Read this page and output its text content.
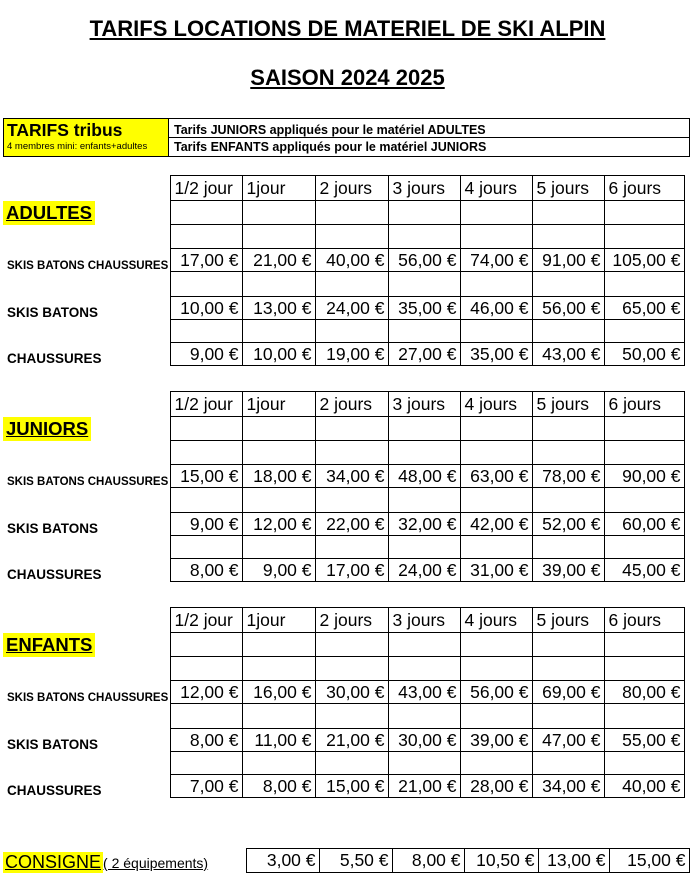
TARIFS LOCATIONS DE MATERIEL DE SKI ALPIN
SAISON 2024 2025
TARIFS tribus
4 membres mini: enfants+adultes
	Tarifs JUNIORS appliqués pour le matériel ADULTES
Tarifs ENFANTS appliqués pour le matériel JUNIORS
	1/2 jour	1jour	2 jours	3 jours	4 jours	5 jours	6 jours
ADULTES							

SKIS BATONS CHAUSSURES	17,00 €	21,00 €	40,00 €	56,00 €	74,00 €	91,00 €	105,00 €

SKIS BATONS	10,00 €	13,00 €	24,00 €	35,00 €	46,00 €	56,00 €	65,00 €

CHAUSSURES	9,00 €	10,00 €	19,00 €	27,00 €	35,00 €	43,00 €	50,00 €
	1/2 jour	1jour	2 jours	3 jours	4 jours	5 jours	6 jours
JUNIORS							

SKIS BATONS CHAUSSURES	15,00 €	18,00 €	34,00 €	48,00 €	63,00 €	78,00 €	90,00 €

SKIS BATONS	9,00 €	12,00 €	22,00 €	32,00 €	42,00 €	52,00 €	60,00 €

CHAUSSURES	8,00 €	9,00 €	17,00 €	24,00 €	31,00 €	39,00 €	45,00 €
	1/2 jour	1jour	2 jours	3 jours	4 jours	5 jours	6 jours
ENFANTS							

SKIS BATONS CHAUSSURES	12,00 €	16,00 €	30,00 €	43,00 €	56,00 €	69,00 €	80,00 €

SKIS BATONS	8,00 €	11,00 €	21,00 €	30,00 €	39,00 €	47,00 €	55,00 €

CHAUSSURES	7,00 €	8,00 €	15,00 €	21,00 €	28,00 €	34,00 €	40,00 €
CONSIGNE ( 2 équipements)	3,00 €	5,50 €	8,00 €	10,50 €	13,00 €	15,00 €
